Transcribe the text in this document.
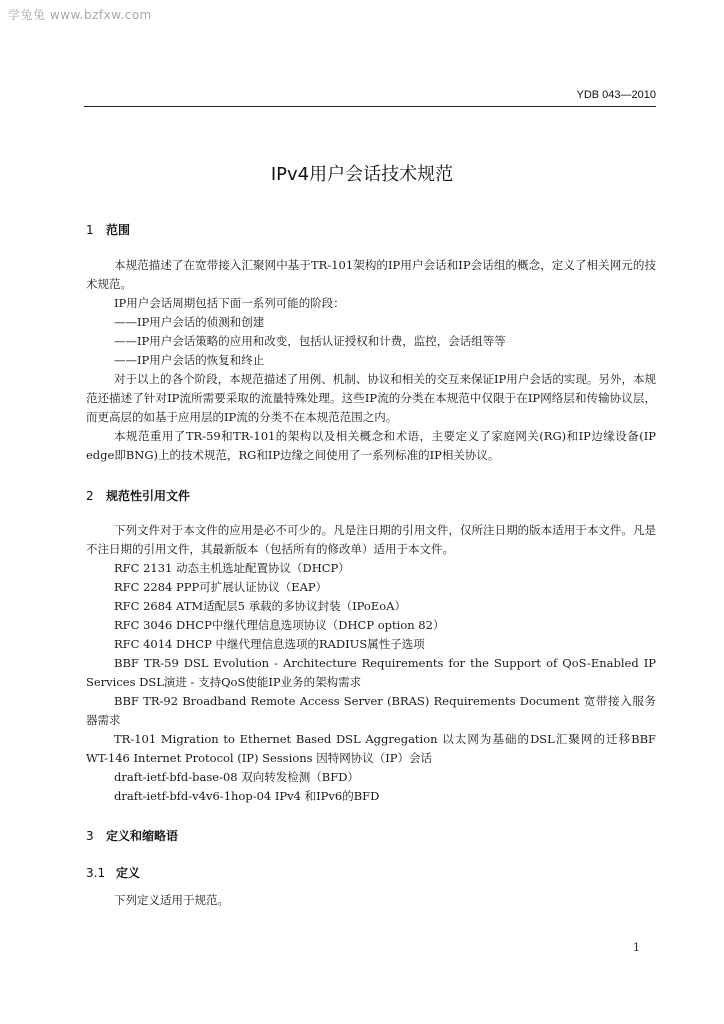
学兔兔 www.bzfxw.com
YDB 043—2010
IPv4用户会话技术规范
1 范围

本规范描述了在宽带接入汇聚网中基于TR-101架构的IP用户会话和IP会话组的概念，定义了相关网元的技术规范。

IP用户会话周期包括下面一系列可能的阶段：

——IP用户会话的侦测和创建
——IP用户会话策略的应用和改变，包括认证授权和计费，监控，会话组等等
——IP用户会话的恢复和终止

对于以上的各个阶段，本规范描述了用例、机制、协议和相关的交互来保证IP用户会话的实现。另外，本规范还描述了针对IP流所需要采取的流量特殊处理。这些IP流的分类在本规范中仅限于在IP网络层和传输协议层，而更高层的如基于应用层的IP流的分类不在本规范范围之内。

本规范重用了TR-59和TR-101的架构以及相关概念和术语，主要定义了家庭网关(RG)和IP边缘设备(IP edge即BNG)上的技术规范，RG和IP边缘之间使用了一系列标准的IP相关协议。

2 规范性引用文件

下列文件对于本文件的应用是必不可少的。凡是注日期的引用文件，仅所注日期的版本适用于本文件。凡是不注日期的引用文件，其最新版本（包括所有的修改单）适用于本文件。

RFC 2131 动态主机选址配置协议（DHCP）
RFC 2284 PPP可扩展认证协议（EAP）
RFC 2684 ATM适配层5 承载的多协议封装（IPoEoA）
RFC 3046 DHCP中继代理信息选项协议（DHCP option 82）
RFC 4014 DHCP 中继代理信息选项的RADIUS属性子选项

BBF TR-59 DSL Evolution - Architecture Requirements for the Support of QoS-Enabled IP Services DSL演进 - 支持QoS使能IP业务的架构需求

BBF TR-92 Broadband Remote Access Server (BRAS) Requirements Document 宽带接入服务器需求

TR-101 Migration to Ethernet Based DSL Aggregation 以太网为基础的DSL汇聚网的迁移BBF WT-146 Internet Protocol (IP) Sessions 因特网协议（IP）会话

draft-ietf-bfd-base-08 双向转发检测（BFD）
draft-ietf-bfd-v4v6-1hop-04 IPv4 和IPv6的BFD
3 定义和缩略语
3.1 定义

下列定义适用于规范。

1
